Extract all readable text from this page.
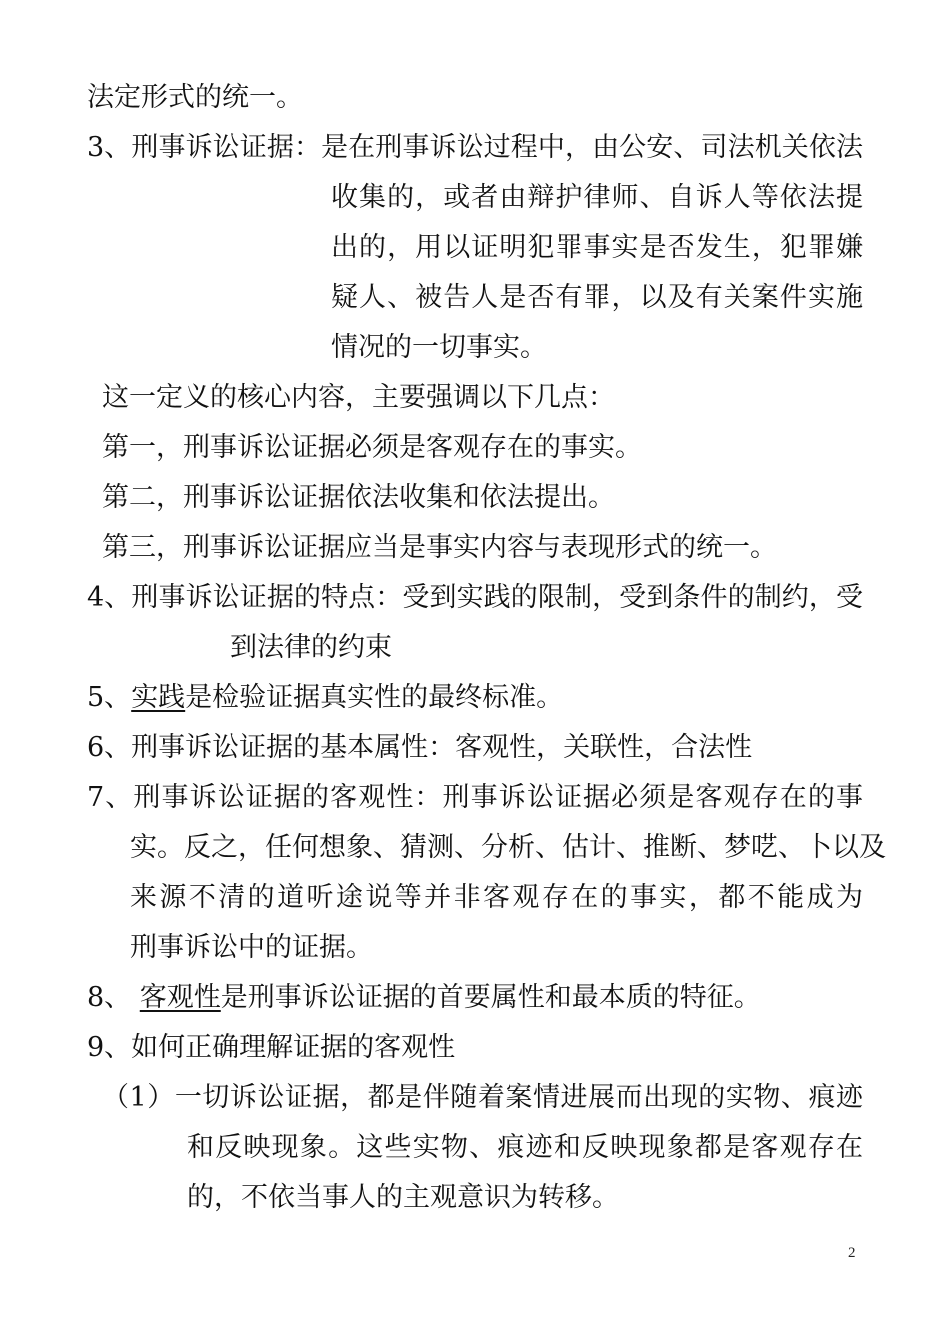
法定形式的统一。
3、刑事诉讼证据：是在刑事诉讼过程中，由公安、司法机关依法
收集的，或者由辩护律师、自诉人等依法提
出的，用以证明犯罪事实是否发生，犯罪嫌
疑人、被告人是否有罪，以及有关案件实施
情况的一切事实。
这一定义的核心内容，主要强调以下几点：
第一，刑事诉讼证据必须是客观存在的事实。
第二，刑事诉讼证据依法收集和依法提出。
第三，刑事诉讼证据应当是事实内容与表现形式的统一。
4、刑事诉讼证据的特点：受到实践的限制，受到条件的制约，受
到法律的约束
5、实践是检验证据真实性的最终标准。
6、刑事诉讼证据的基本属性：客观性，关联性，合法性
7、刑事诉讼证据的客观性：刑事诉讼证据必须是客观存在的事
实。反之，任何想象、猜测、分析、估计、推断、梦呓、卜以及
来源不清的道听途说等并非客观存在的事实，都不能成为
刑事诉讼中的证据。
8、 客观性是刑事诉讼证据的首要属性和最本质的特征。
9、如何正确理解证据的客观性
（1）一切诉讼证据，都是伴随着案情进展而出现的实物、痕迹
和反映现象。这些实物、痕迹和反映现象都是客观存在
的，不依当事人的主观意识为转移。
2
